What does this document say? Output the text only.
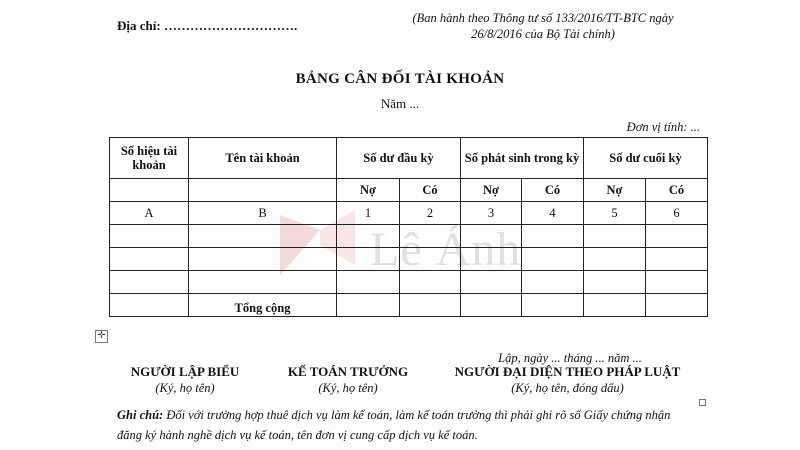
Địa chỉ: ………………………….	(Ban hành theo Thông tư số 133/2016/TT-BTC ngày 26/8/2016 của Bộ Tài chính)
BẢNG CÂN ĐỐI TÀI KHOẢN
Năm ...
Đơn vị tính: ...
Lê Ánh
Số hiệu tài khoản	Tên tài khoản	Số dư đầu kỳ		Số phát sinh trong kỳ		Số dư cuối kỳ	
		Nợ	Có	Nợ	Có	Nợ	Có
A	B	1	2	3	4	5	6

	Tổng cộng						
✛
Lập, ngày ... tháng ... năm ...
NGƯỜI LẬP BIỂU
(Ký, họ tên)
KẾ TOÁN TRƯỞNG
(Ký, họ tên)
NGƯỜI ĐẠI DIỆN THEO PHÁP LUẬT
(Ký, họ tên, đóng dấu)
Ghi chú: Đối với trường hợp thuê dịch vụ làm kế toán, làm kế toán trưởng thì phải ghi rõ số Giấy chứng nhận đăng ký hành nghề dịch vụ kế toán, tên đơn vị cung cấp dịch vụ kế toán.
